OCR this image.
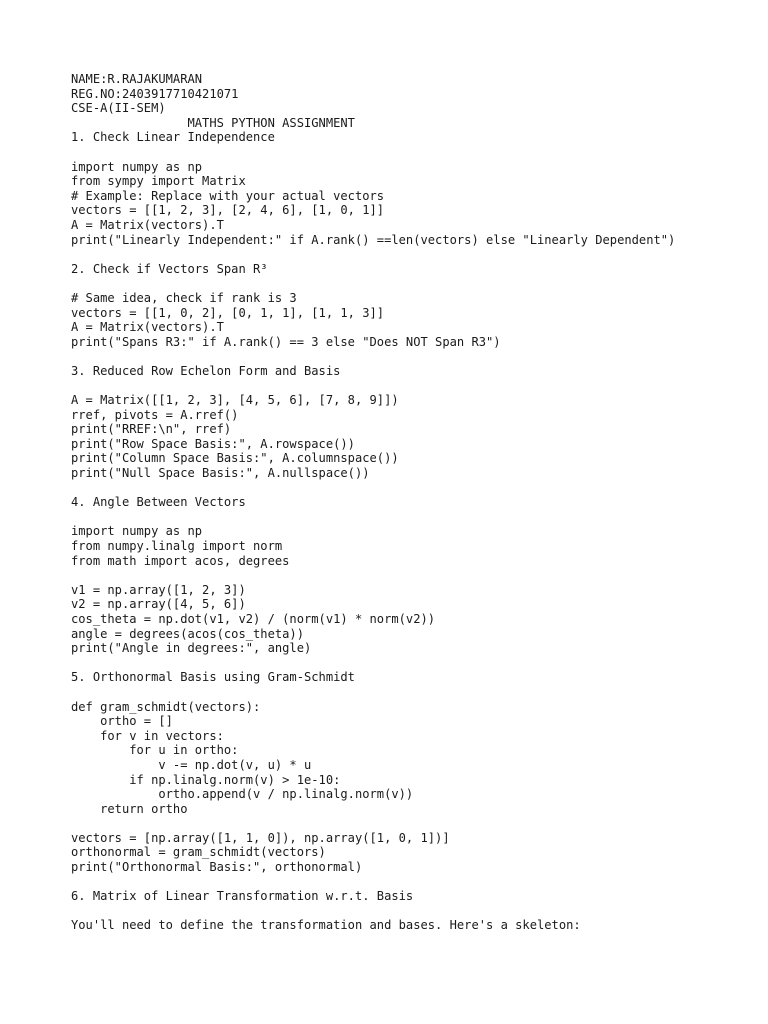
NAME:R.RAJAKUMARAN
REG.NO:2403917710421071
CSE-A(II-SEM)
MATHS PYTHON ASSIGNMENT
1. Check Linear Independence
import numpy as np
from sympy import Matrix
# Example: Replace with your actual vectors
vectors = [[1, 2, 3], [2, 4, 6], [1, 0, 1]]
A = Matrix(vectors).T
print("Linearly Independent:" if A.rank() ==len(vectors) else "Linearly Dependent")
2. Check if Vectors Span R³
# Same idea, check if rank is 3
vectors = [[1, 0, 2], [0, 1, 1], [1, 1, 3]]
A = Matrix(vectors).T
print("Spans R3:" if A.rank() == 3 else "Does NOT Span R3")
3. Reduced Row Echelon Form and Basis
A = Matrix([[1, 2, 3], [4, 5, 6], [7, 8, 9]])
rref, pivots = A.rref()
print("RREF:\n", rref)
print("Row Space Basis:", A.rowspace())
print("Column Space Basis:", A.columnspace())
print("Null Space Basis:", A.nullspace())
4. Angle Between Vectors
import numpy as np
from numpy.linalg import norm
from math import acos, degrees
v1 = np.array([1, 2, 3])
v2 = np.array([4, 5, 6])
cos_theta = np.dot(v1, v2) / (norm(v1) * norm(v2))
angle = degrees(acos(cos_theta))
print("Angle in degrees:", angle)
5. Orthonormal Basis using Gram-Schmidt
def gram_schmidt(vectors):
ortho = []
for v in vectors:
for u in ortho:
v -= np.dot(v, u) * u
if np.linalg.norm(v) > 1e-10:
ortho.append(v / np.linalg.norm(v))
return ortho
vectors = [np.array([1, 1, 0]), np.array([1, 0, 1])]
orthonormal = gram_schmidt(vectors)
print("Orthonormal Basis:", orthonormal)
6. Matrix of Linear Transformation w.r.t. Basis
You'll need to define the transformation and bases. Here's a skeleton:
